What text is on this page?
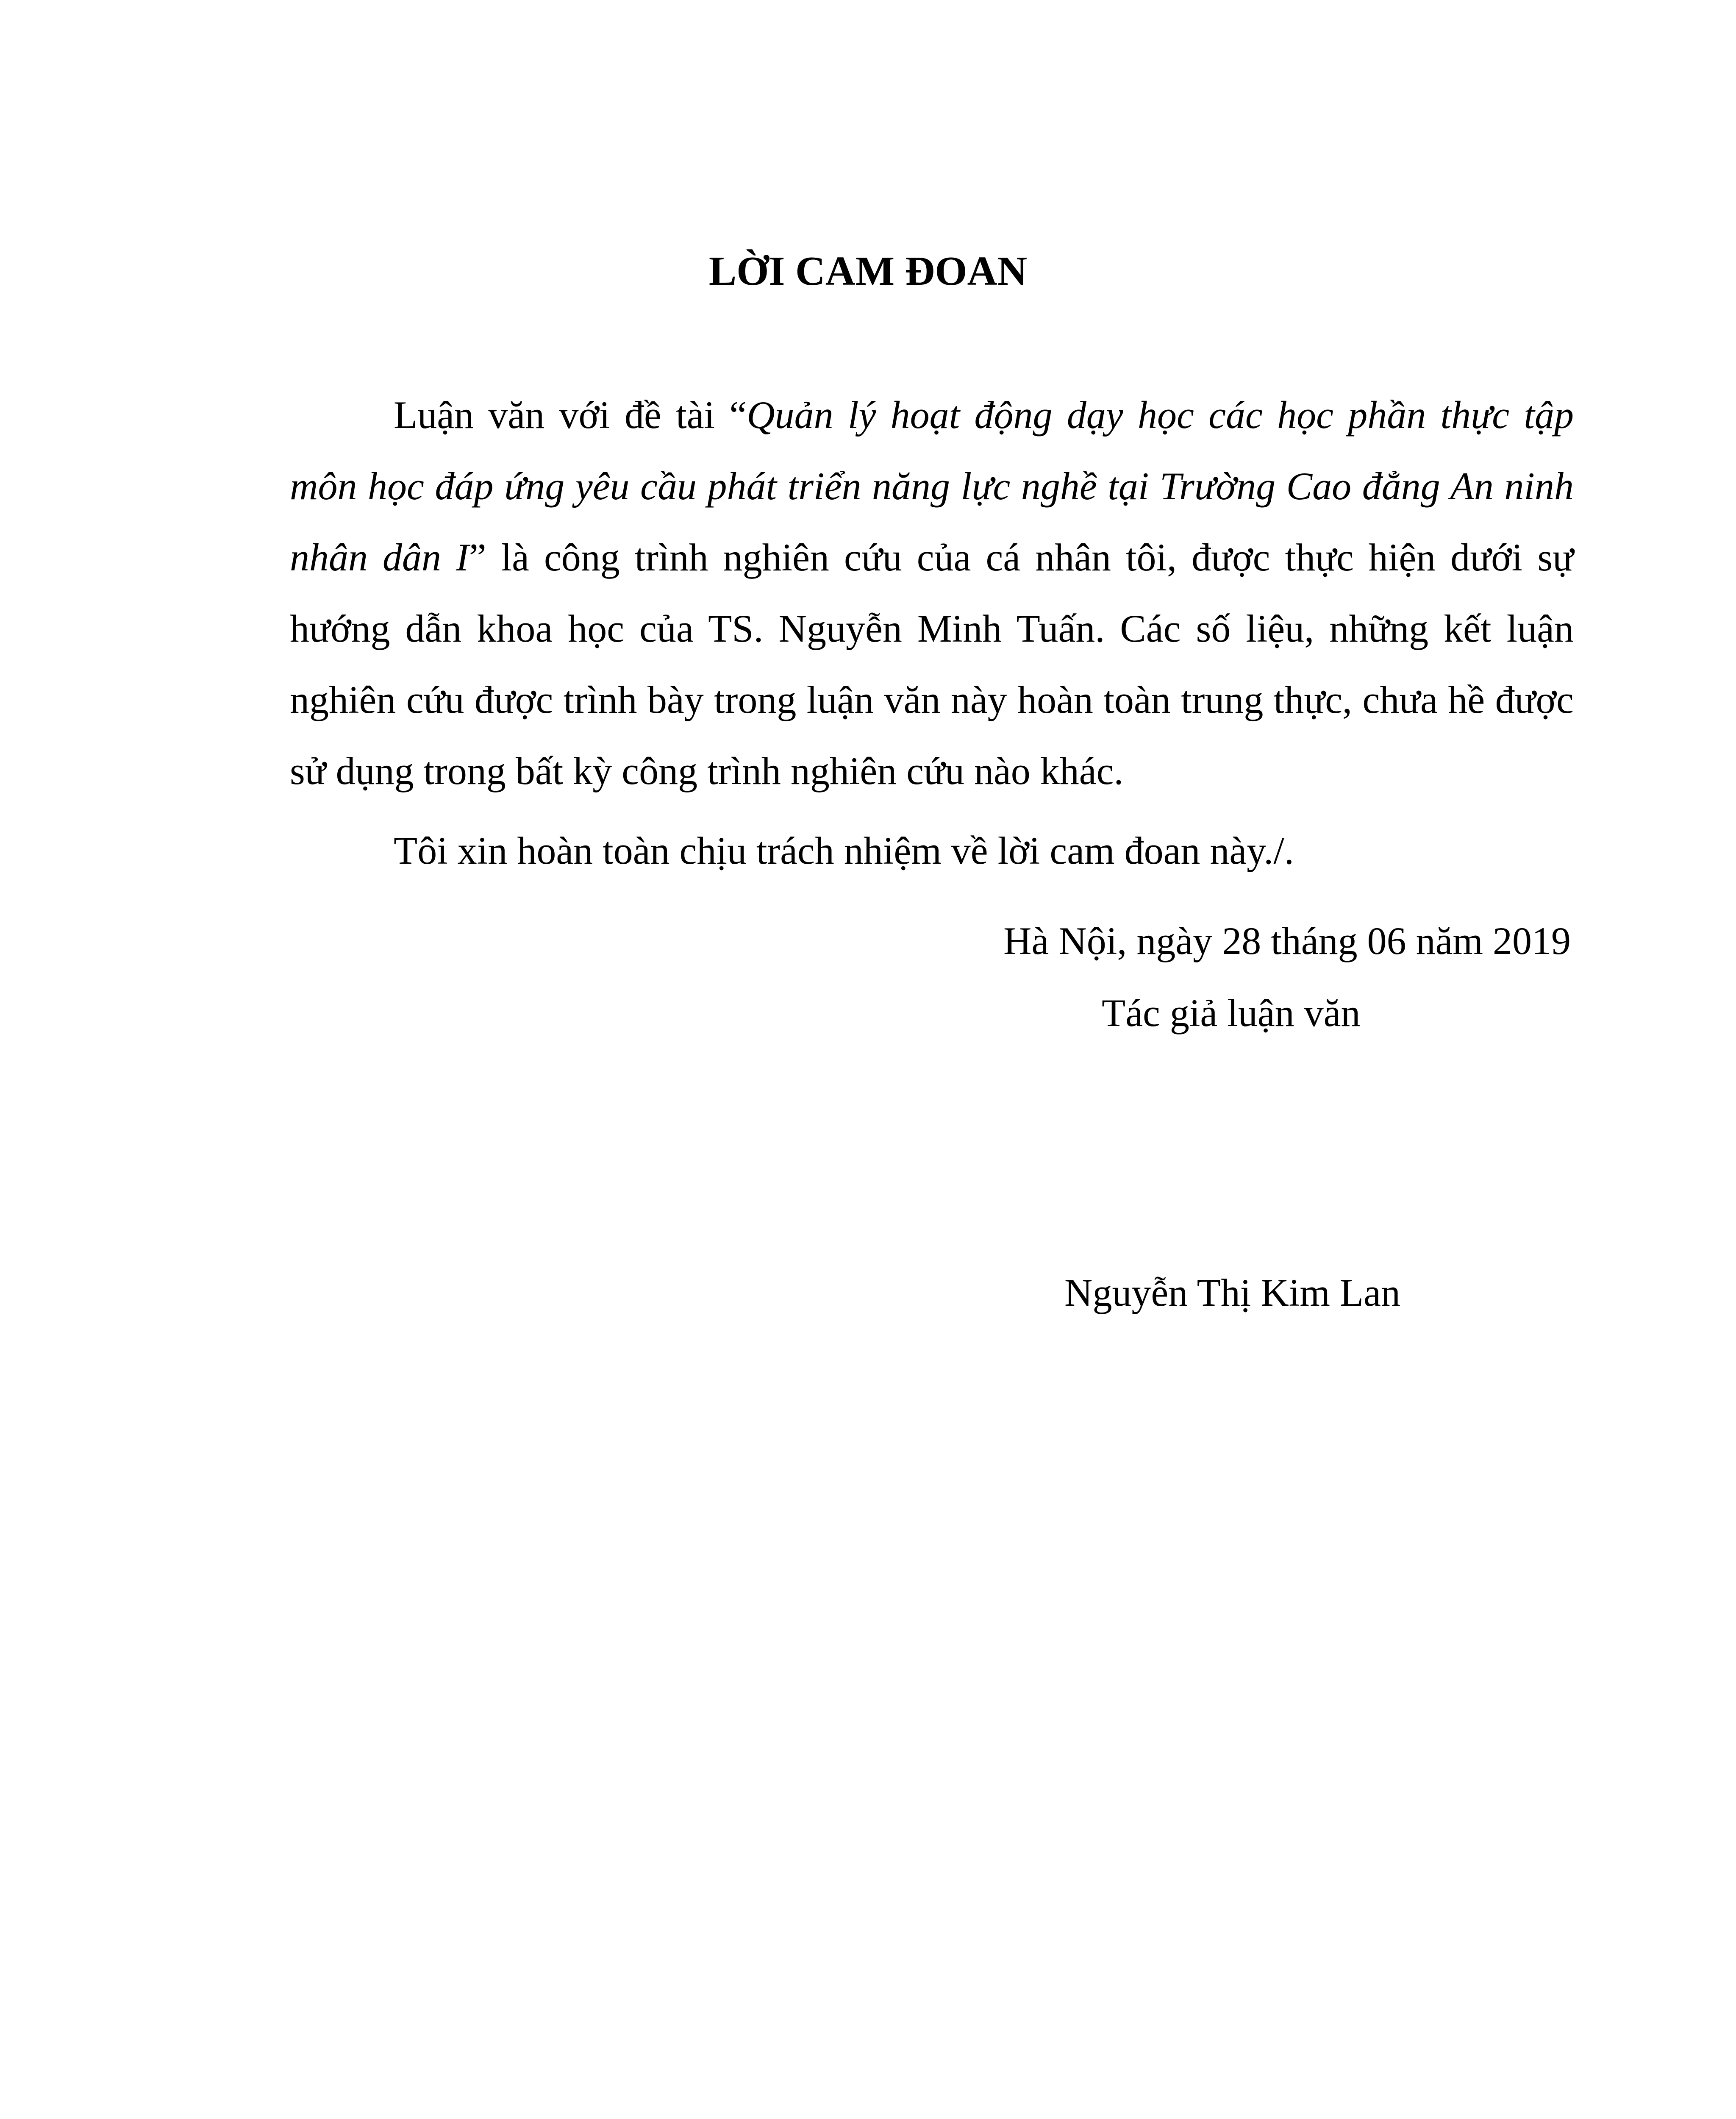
LỜI CAM ĐOAN

Luận văn với đề tài “Quản lý hoạt động dạy học các học phần thực tập môn học đáp ứng yêu cầu phát triển năng lực nghề tại Trường Cao đẳng An ninh nhân dân I” là công trình nghiên cứu của cá nhân tôi, được thực hiện dưới sự hướng dẫn khoa học của TS. Nguyễn Minh Tuấn. Các số liệu, những kết luận nghiên cứu được trình bày trong luận văn này hoàn toàn trung thực, chưa hề được sử dụng trong bất kỳ công trình nghiên cứu nào khác.

Tôi xin hoàn toàn chịu trách nhiệm về lời cam đoan này./.

Hà Nội, ngày 28 tháng 06 năm 2019

Tác giả luận văn

Nguyễn Thị Kim Lan
